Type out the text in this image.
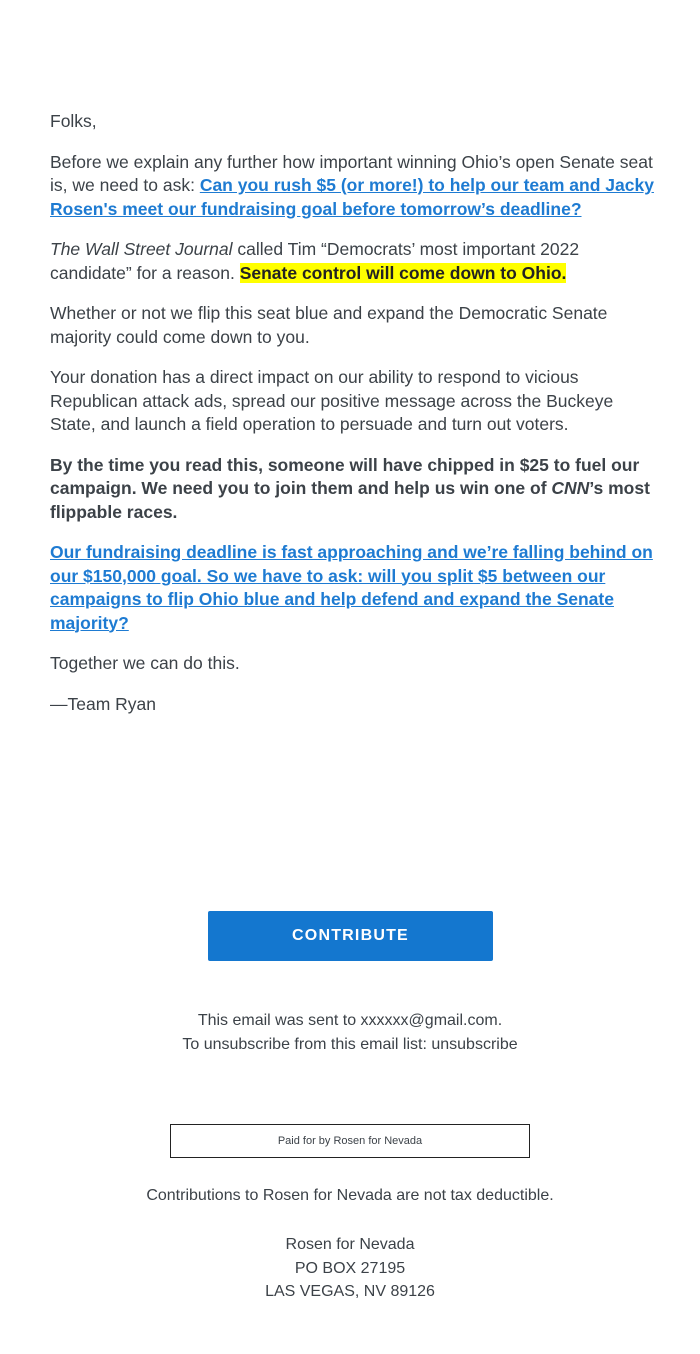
Folks,

Before we explain any further how important winning Ohio’s open Senate seat is, we need to ask: Can you rush $5 (or more!) to help our team and Jacky Rosen's meet our fundraising goal before tomorrow’s deadline?

The Wall Street Journal called Tim “Democrats’ most important 2022 candidate” for a reason. Senate control will come down to Ohio.

Whether or not we flip this seat blue and expand the Democratic Senate majority could come down to you.

Your donation has a direct impact on our ability to respond to vicious Republican attack ads, spread our positive message across the Buckeye State, and launch a field operation to persuade and turn out voters.

By the time you read this, someone will have chipped in $25 to fuel our campaign. We need you to join them and help us win one of CNN’s most flippable races.

Our fundraising deadline is fast approaching and we’re falling behind on our $150,000 goal. So we have to ask: will you split $5 between our campaigns to flip Ohio blue and help defend and expand the Senate majority?

Together we can do this.

—Team Ryan

CONTRIBUTE
This email was sent to xxxxxx@gmail.com.
To unsubscribe from this email list: unsubscribe
Paid for by Rosen for Nevada
Contributions to Rosen for Nevada are not tax deductible.
Rosen for Nevada
PO BOX 27195
LAS VEGAS, NV 89126
